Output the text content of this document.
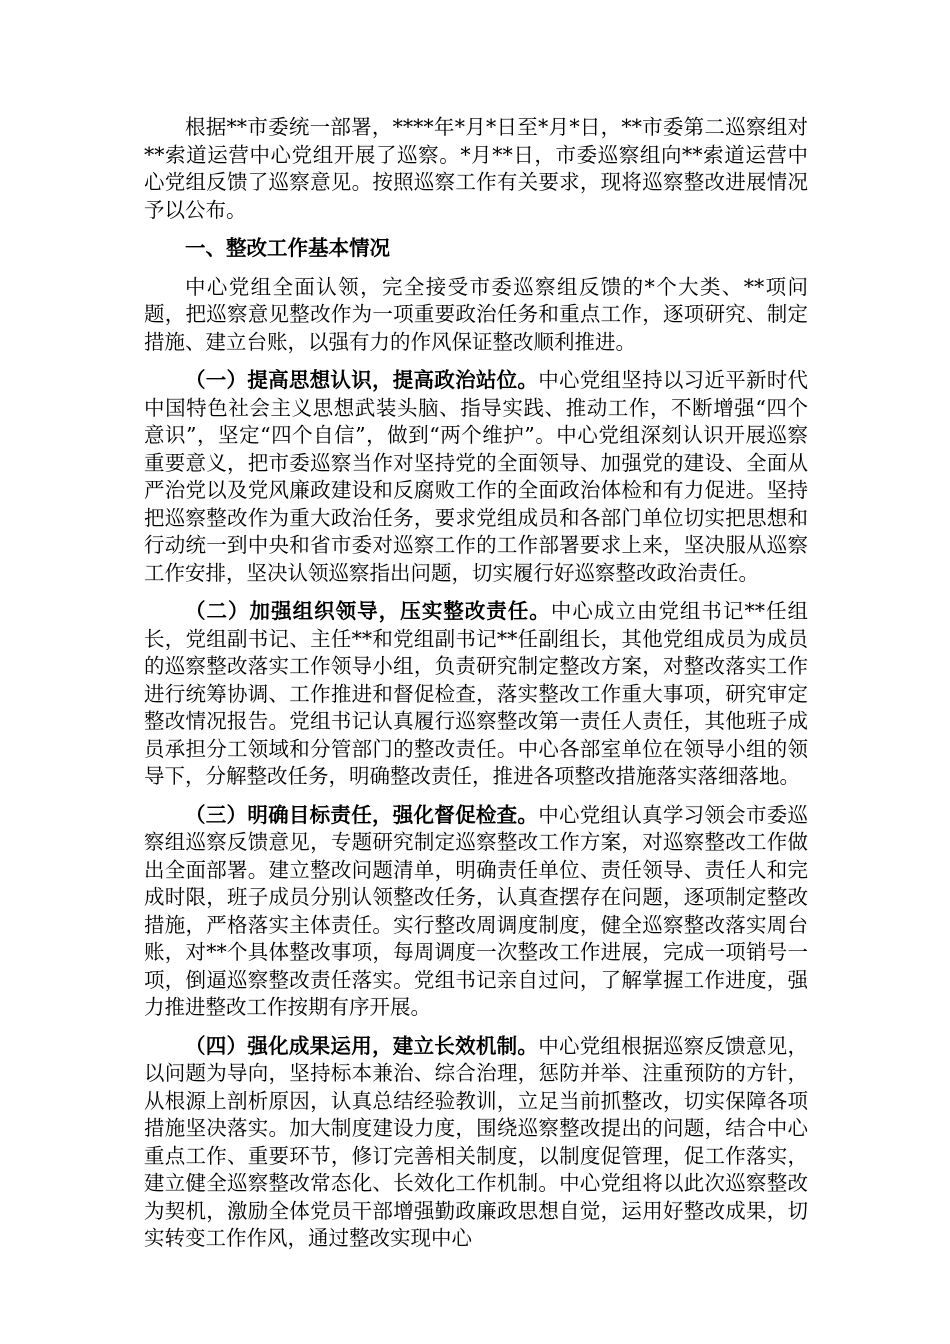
根据**市委统一部署，****年*月*日至*月*日，**市委第二巡察组对**索道运营中心党组开展了巡察。*月**日，市委巡察组向**索道运营中心党组反馈了巡察意见。按照巡察工作有关要求，现将巡察整改进展情况予以公布。

一、整改工作基本情况

中心党组全面认领，完全接受市委巡察组反馈的*个大类、**项问题，把巡察意见整改作为一项重要政治任务和重点工作，逐项研究、制定措施、建立台账，以强有力的作风保证整改顺利推进。

（一）提高思想认识，提高政治站位。中心党组坚持以习近平新时代中国特色社会主义思想武装头脑、指导实践、推动工作，不断增强“四个意识”，坚定“四个自信”，做到“两个维护”。中心党组深刻认识开展巡察重要意义，把市委巡察当作对坚持党的全面领导、加强党的建设、全面从严治党以及党风廉政建设和反腐败工作的全面政治体检和有力促进。坚持把巡察整改作为重大政治任务，要求党组成员和各部门单位切实把思想和行动统一到中央和省市委对巡察工作的工作部署要求上来，坚决服从巡察工作安排，坚决认领巡察指出问题，切实履行好巡察整改政治责任。

（二）加强组织领导，压实整改责任。中心成立由党组书记**任组长，党组副书记、主任**和党组副书记**任副组长，其他党组成员为成员的巡察整改落实工作领导小组，负责研究制定整改方案，对整改落实工作进行统筹协调、工作推进和督促检查，落实整改工作重大事项，研究审定整改情况报告。党组书记认真履行巡察整改第一责任人责任，其他班子成员承担分工领域和分管部门的整改责任。中心各部室单位在领导小组的领导下，分解整改任务，明确整改责任，推进各项整改措施落实落细落地。

（三）明确目标责任，强化督促检查。中心党组认真学习领会市委巡察组巡察反馈意见，专题研究制定巡察整改工作方案，对巡察整改工作做出全面部署。建立整改问题清单，明确责任单位、责任领导、责任人和完成时限，班子成员分别认领整改任务，认真查摆存在问题，逐项制定整改措施，严格落实主体责任。实行整改周调度制度，健全巡察整改落实周台账，对**个具体整改事项，每周调度一次整改工作进展，完成一项销号一项，倒逼巡察整改责任落实。党组书记亲自过问，了解掌握工作进度，强力推进整改工作按期有序开展。

（四）强化成果运用，建立长效机制。中心党组根据巡察反馈意见，以问题为导向，坚持标本兼治、综合治理，惩防并举、注重预防的方针，从根源上剖析原因，认真总结经验教训，立足当前抓整改，切实保障各项措施坚决落实。加大制度建设力度，围绕巡察整改提出的问题，结合中心重点工作、重要环节，修订完善相关制度，以制度促管理，促工作落实，建立健全巡察整改常态化、长效化工作机制。中心党组将以此次巡察整改为契机，激励全体党员干部增强勤政廉政思想自觉，运用好整改成果，切实转变工作作风，通过整改实现中心
